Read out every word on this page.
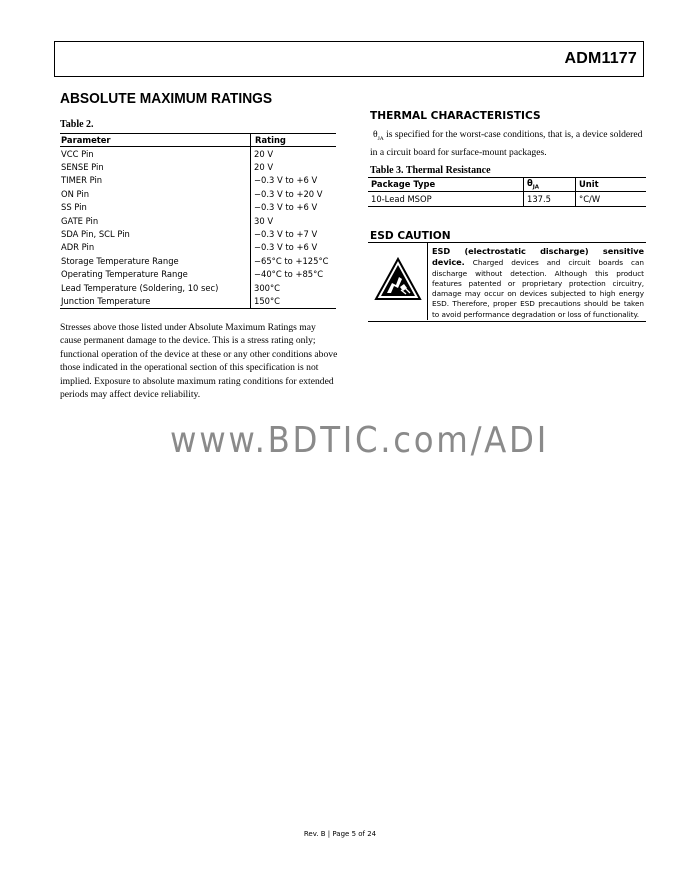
ADM1177
ABSOLUTE MAXIMUM RATINGS
Table 2.
Parameter	Rating
VCC Pin	20 V
SENSE Pin	20 V
TIMER Pin	−0.3 V to +6 V
ON Pin	−0.3 V to +20 V
SS Pin	−0.3 V to +6 V
GATE Pin	30 V
SDA Pin, SCL Pin	−0.3 V to +7 V
ADR Pin	−0.3 V to +6 V
Storage Temperature Range	−65°C to +125°C
Operating Temperature Range	−40°C to +85°C
Lead Temperature (Soldering, 10 sec)	300°C
Junction Temperature	150°C
Stresses above those listed under Absolute Maximum Ratings may cause permanent damage to the device. This is a stress rating only; functional operation of the device at these or any other conditions above those indicated in the operational section of this specification is not implied. Exposure to absolute maximum rating conditions for extended periods may affect device reliability.
THERMAL CHARACTERISTICS
$\theta_{JA}$ is specified for the worst-case conditions, that is, a device soldered in a circuit board for surface-mount packages.
Table 3. Thermal Resistance
Package Type	$\theta_{JA}$	Unit
10-Lead MSOP	137.5	°C/W
ESD CAUTION
ESD (electrostatic discharge) sensitive device. Charged devices and circuit boards can discharge without detection. Although this product features patented or proprietary protection circuitry, damage may occur on devices subjected to high energy ESD. Therefore, proper ESD precautions should be taken to avoid performance degradation or loss of functionality.
www.BDTIC.com/ADI
Rev. B | Page 5 of 24
